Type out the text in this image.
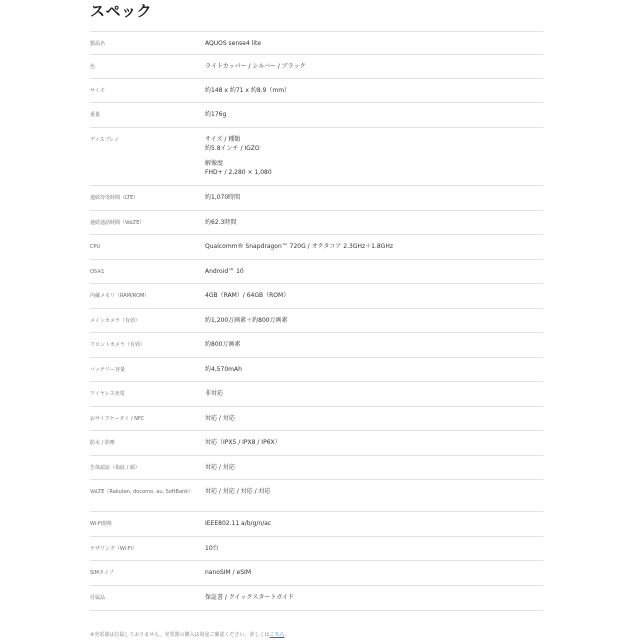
スペック
製品名	AQUOS sense4 lite
色	ライトカッパー / シルバー / ブラック
サイズ	約148 x 約71 x 約8.9（mm）
重量	約176g
ディスプレイ	サイズ / 種類
約5.8インチ / IGZO
解像度
FHD+ / 2,280 × 1,080
連続待受時間（LTE）	約1,070時間
連続通話時間（VoLTE）	約62.3時間
CPU	Qualcomm® Snapdragon™ 720G / オクタコア 2.3GHz＋1.8GHz
OS※1	Android™ 10
内蔵メモリ（RAM/ROM）	4GB（RAM）/ 64GB（ROM）
メインカメラ（有効）	約1,200万画素＋約800万画素
フロントカメラ（有効）	約800万画素
バッテリー容量	約4,570mAh
ワイヤレス充電	非対応
おサイフケータイ / NFC	対応 / 対応
防水 / 防塵	対応（IPX5 / IPX8 / IP6X）
生体認証（指紋 / 顔）	対応 / 対応
VoLTE（Rakuten, docomo, au, SoftBank）	対応 / 対応 / 対応 / 対応
Wi-Fi規格	IEEE802.11 a/b/g/n/ac
テザリング（Wi-Fi）	10台
SIMタイプ	nanoSIM / eSIM
付属品	保証書 / クイックスタートガイド
※充電器は付属しておりません。充電器の購入は別途ご確認ください。詳しくはこちら。
